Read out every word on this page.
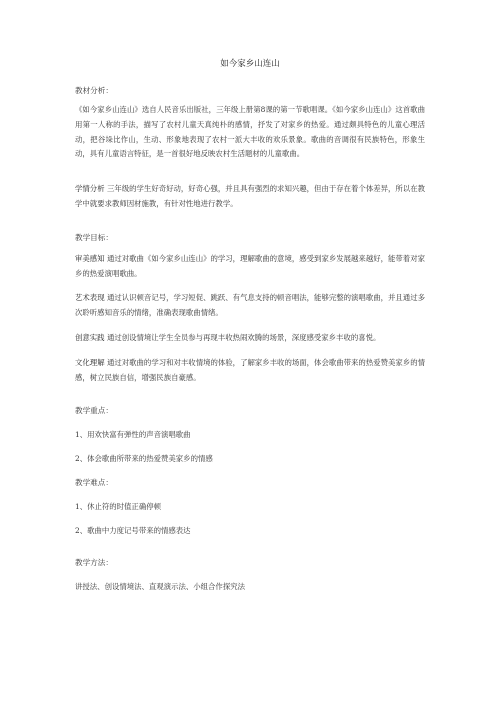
如今家乡山连山
教材分析：

《如今家乡山连山》选自人民音乐出版社，三年级上册第8课的第一节歌唱课。《如今家乡山连山》这首歌曲用第一人称的手法，描写了农村儿童天真纯朴的感情，抒发了对家乡的热爱。通过颇具特色的儿童心理活动，把谷垛比作山，生动、形象地表现了农村一派大丰收的欢乐景象。歌曲的音调很有民族特色，形象生动，具有儿童语言特征，是一首很好地反映农村生活题材的儿童歌曲。

学情分析 三年级的学生好奇好动，好奇心强，并且具有强烈的求知兴趣，但由于存在着个体差异，所以在教学中就要求教师因材施教，有针对性地进行教学。

教学目标：

审美感知 通过对歌曲《如今家乡山连山》的学习，理解歌曲的意境，感受到家乡发展越来越好，能带着对家乡的热爱演唱歌曲。

艺术表现 通过认识顿音记号，学习短促、跳跃、有气息支持的顿音唱法，能够完整的演唱歌曲，并且通过多次聆听感知音乐的情绪，准确表现歌曲情绪。

创意实践 通过创设情境让学生全员参与再现丰收热闹欢腾的场景，深度感受家乡丰收的喜悦。

文化理解 通过对歌曲的学习和对丰收情境的体验，了解家乡丰收的场面，体会歌曲带来的热爱赞美家乡的情感，树立民族自信，增强民族自豪感。

教学重点：
1、用欢快富有弹性的声音演唱歌曲
2、体会歌曲所带来的热爱赞美家乡的情感
教学难点：
1、休止符的时值正确停顿
2、歌曲中力度记号带来的情感表达
教学方法：
讲授法、创设情境法、直观演示法、小组合作探究法
